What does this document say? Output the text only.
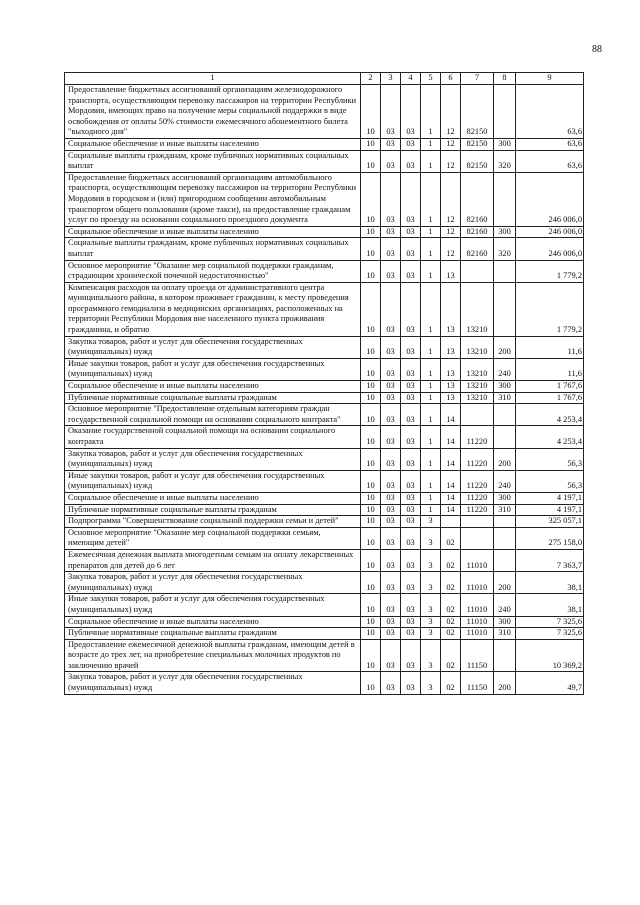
88
1	2	3	4	5	6	7	8	9
Предоставление бюджетных ассигнований организациям железнодорожного транспорта, осуществляющим перевозку пассажиров на территории Республики Мордовия, имеющих право на получение меры социальной поддержки в виде освобождения от оплаты 50% стоимости ежемесячного абонементного билета "выходного дня"	10	03	03	1	12	82150		63,6
Социальное обеспечение и иные выплаты населению	10	03	03	1	12	82150	300	63,6
Социальные выплаты гражданам, кроме публичных нормативных социальных выплат	10	03	03	1	12	82150	320	63,6
Предоставление бюджетных ассигнований организациям автомобильного транспорта, осуществляющим перевозку пассажиров на территории Республики Мордовия в городском и (или) пригородном сообщении автомобильным транспортом общего пользования (кроме такси), на предоставление гражданам услуг по проезду на основании социального проездного документа	10	03	03	1	12	82160		246 006,0
Социальное обеспечение и иные выплаты населению	10	03	03	1	12	82160	300	246 006,0
Социальные выплаты гражданам, кроме публичных нормативных социальных выплат	10	03	03	1	12	82160	320	246 006,0
Основное мероприятие "Оказание мер социальной поддержки гражданам, страдающим хронической почечной недостаточностью"	10	03	03	1	13			1 779,2
Компенсация расходов на оплату проезда от административного центра муниципального района, в котором проживает гражданин, к месту проведения программного гемодиализа в медицинских организациях, расположенных на территории Республики Мордовия вне населенного пункта проживания гражданина, и обратно	10	03	03	1	13	13210		1 779,2
Закупка товаров, работ и услуг для обеспечения государственных (муниципальных) нужд	10	03	03	1	13	13210	200	11,6
Иные закупки товаров, работ и услуг для обеспечения государственных (муниципальных) нужд	10	03	03	1	13	13210	240	11,6
Социальное обеспечение и иные выплаты населению	10	03	03	1	13	13210	300	1 767,6
Публичные нормативные социальные выплаты гражданам	10	03	03	1	13	13210	310	1 767,6
Основное мероприятие "Предоставление отдельным категориям граждан государственной социальной помощи на основании социального контракта"	10	03	03	1	14			4 253,4
Оказание государственной социальной помощи на основании социального контракта	10	03	03	1	14	11220		4 253,4
Закупка товаров, работ и услуг для обеспечения государственных (муниципальных) нужд	10	03	03	1	14	11220	200	56,3
Иные закупки товаров, работ и услуг для обеспечения государственных (муниципальных) нужд	10	03	03	1	14	11220	240	56,3
Социальное обеспечение и иные выплаты населению	10	03	03	1	14	11220	300	4 197,1
Публичные нормативные социальные выплаты гражданам	10	03	03	1	14	11220	310	4 197,1
Подпрограмма "Совершенствование социальной поддержки семьи и детей"	10	03	03	3				325 057,1
Основное мероприятие "Оказание мер социальной поддержки семьям, имеющим детей"	10	03	03	3	02			275 158,0
Ежемесячная денежная выплата многодетным семьям на оплату лекарственных препаратов для детей до 6 лет	10	03	03	3	02	11010		7 363,7
Закупка товаров, работ и услуг для обеспечения государственных (муниципальных) нужд	10	03	03	3	02	11010	200	38,1
Иные закупки товаров, работ и услуг для обеспечения государственных (муниципальных) нужд	10	03	03	3	02	11010	240	38,1
Социальное обеспечение и иные выплаты населению	10	03	03	3	02	11010	300	7 325,6
Публичные нормативные социальные выплаты гражданам	10	03	03	3	02	11010	310	7 325,6
Предоставление ежемесячной денежной выплаты гражданам, имеющим детей в возрасте до трех лет, на приобретение специальных молочных продуктов по заключению врачей	10	03	03	3	02	11150		10 369,2
Закупка товаров, работ и услуг для обеспечения государственных (муниципальных) нужд	10	03	03	3	02	11150	200	49,7
